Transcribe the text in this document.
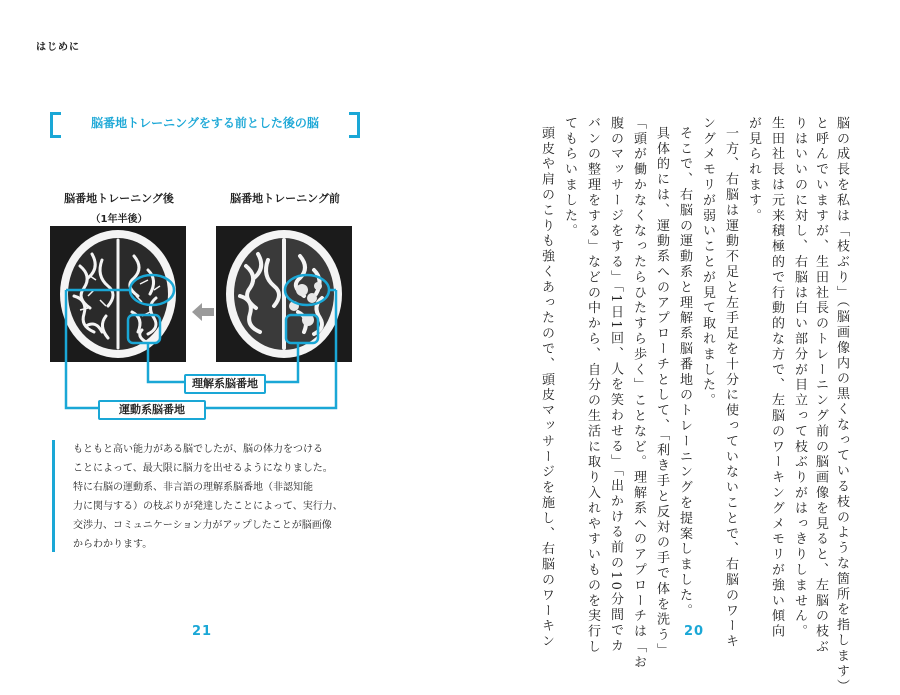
はじめに
脳番地トレーニングをする前とした後の脳
脳番地トレーニング後
（1年半後）
脳番地トレーニング前
理解系脳番地
運動系脳番地

もともと高い能力がある脳でしたが、脳の体力をつける

ことによって、最大限に脳力を出せるようになりました。

特に右脳の運動系、非言語の理解系脳番地（非認知能

力に関与する）の枝ぶりが発達したことによって、実行力、

交渉力、コミュニケーション力がアップしたことが脳画像

からわかります。

21	脳の成長を私は「枝ぶり」（脳画像内の黒くなっている枝のような箇所を指します）
と呼んでいますが、生田社長のトレーニング前の脳画像を見ると、左脳の枝ぶ
りはいいのに対し、右脳は白い部分が目立って枝ぶりがはっきりしません。
生田社長は元来積極的で行動的な方で、左脳のワーキングメモリが強い傾向
が見られます。
一方、右脳は運動不足と左手足を十分に使っていないことで、右脳のワーキ
ングメモリが弱いことが見て取れました。
そこで、右脳の運動系と理解系脳番地のトレーニングを提案しました。
具体的には、運動系へのアプローチとして、「利き手と反対の手で体を洗う」
「頭が働かなくなったらひたすら歩く」ことなど。理解系へのアプローチは「お
腹のマッサージをする」「1日1回、人を笑わせる」「出かける前の10分間でカ
バンの整理をする」などの中から、自分の生活に取り入れやすいものを実行し
てもらいました。
頭皮や肩のこりも強くあったので、頭皮マッサージを施し、右脳のワーキン	20
